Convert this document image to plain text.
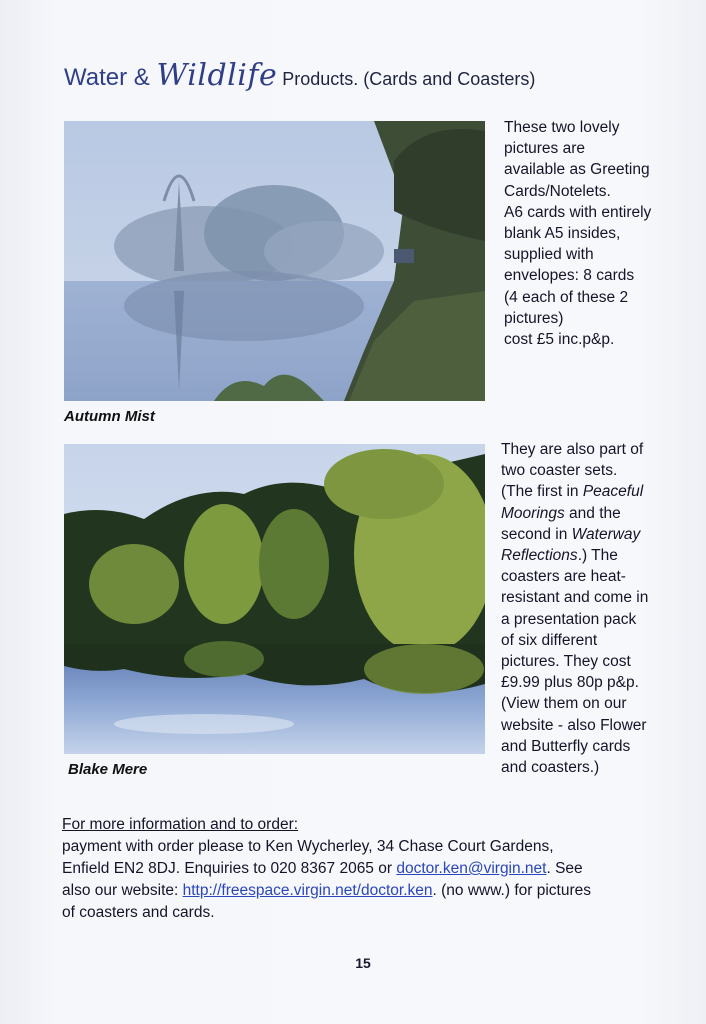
Water & Wildlife Products. (Cards and Coasters)
Autumn Mist
These two lovely
pictures are
available as Greeting
Cards/Notelets.
A6 cards with entirely
blank A5 insides,
supplied with
envelopes: 8 cards
(4 each of these 2
pictures)
cost £5 inc.p&p.
Blake Mere
They are also part of
two coaster sets.
(The first in Peaceful
Moorings and the
second in Waterway
Reflections.) The
coasters are heat-
resistant and come in
a presentation pack
of six different
pictures. They cost
£9.99 plus 80p p&p.
(View them on our
website - also Flower
and Butterfly cards
and coasters.)
For more information and to order:
payment with order please to Ken Wycherley, 34 Chase Court Gardens,
Enfield EN2 8DJ. Enquiries to 020 8367 2065 or doctor.ken@virgin.net. See
also our website: http://freespace.virgin.net/doctor.ken. (no www.) for pictures
of coasters and cards.
15
